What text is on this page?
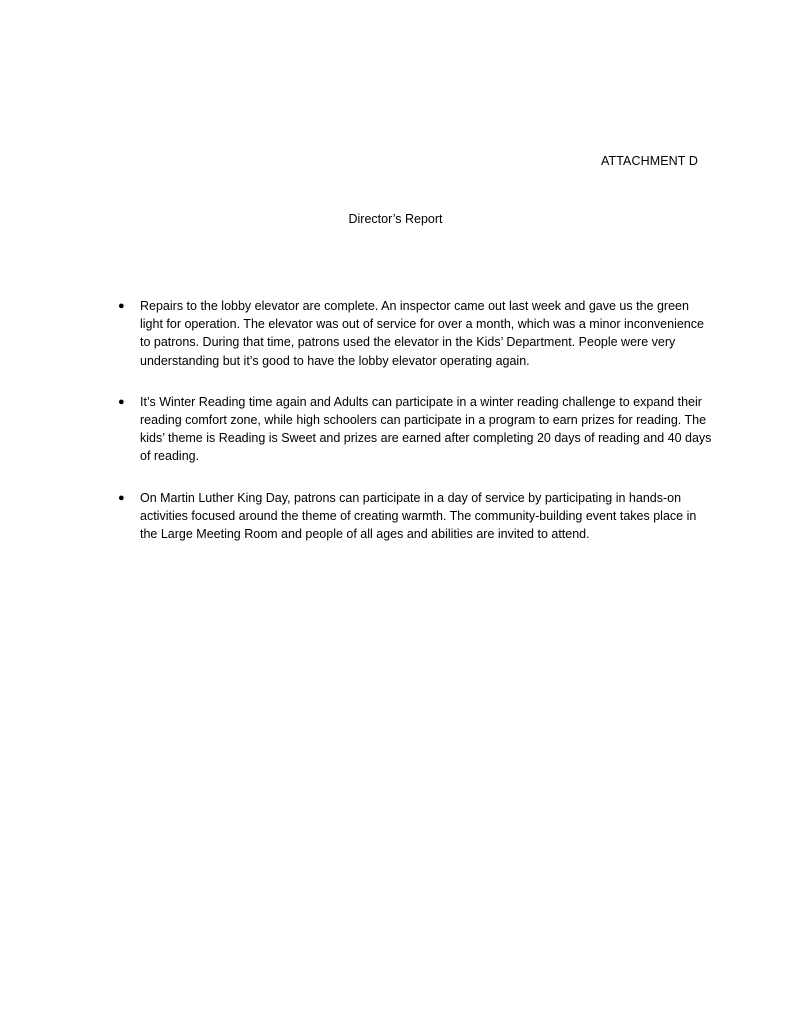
ATTACHMENT D
Director’s Report
● Repairs to the lobby elevator are complete. An inspector came out last week and gave us the green light for operation. The elevator was out of service for over a month, which was a minor inconvenience to patrons. During that time, patrons used the elevator in the Kids’ Department. People were very understanding but it’s good to have the lobby elevator operating again.
● It’s Winter Reading time again and Adults can participate in a winter reading challenge to expand their reading comfort zone, while high schoolers can participate in a program to earn prizes for reading. The kids’ theme is Reading is Sweet and prizes are earned after completing 20 days of reading and 40 days of reading.
● On Martin Luther King Day, patrons can participate in a day of service by participating in hands-on activities focused around the theme of creating warmth. The community-building event takes place in the Large Meeting Room and people of all ages and abilities are invited to attend.
